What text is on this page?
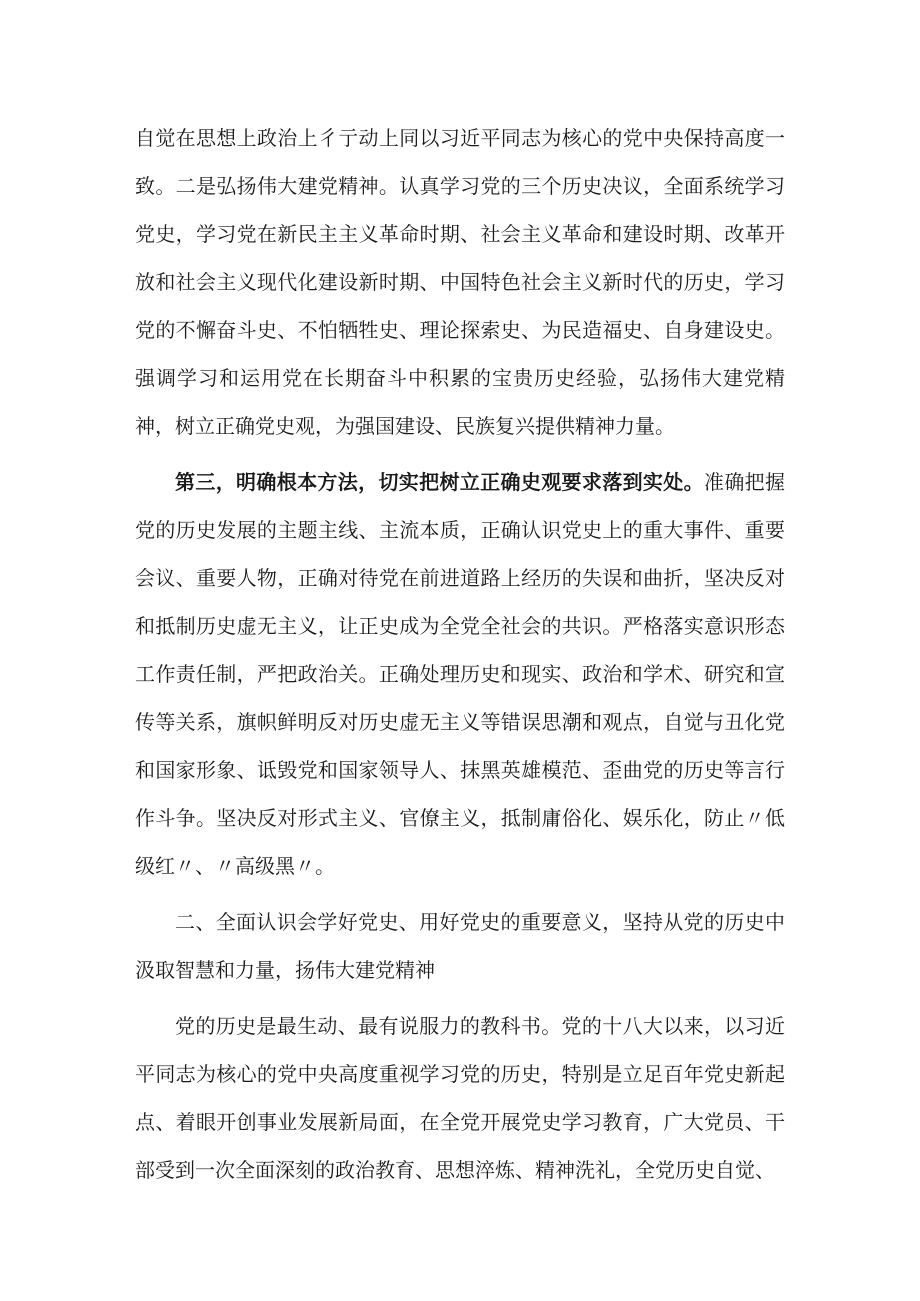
自觉在思想上政治上彳亍动上同以习近平同志为核心的党中央保持高度一致。二是弘扬伟大建党精神。认真学习党的三个历史决议，全面系统学习党史，学习党在新民主主义革命时期、社会主义革命和建设时期、改革开放和社会主义现代化建设新时期、中国特色社会主义新时代的历史，学习党的不懈奋斗史、不怕牺牲史、理论探索史、为民造福史、自身建设史。强调学习和运用党在长期奋斗中积累的宝贵历史经验，弘扬伟大建党精神，树立正确党史观，为强国建设、民族复兴提供精神力量。

第三，明确根本方法，切实把树立正确史观要求落到实处。准确把握党的历史发展的主题主线、主流本质，正确认识党史上的重大事件、重要会议、重要人物，正确对待党在前进道路上经历的失误和曲折，坚决反对和抵制历史虚无主义，让正史成为全党全社会的共识。严格落实意识形态工作责任制，严把政治关。正确处理历史和现实、政治和学术、研究和宣传等关系，旗帜鲜明反对历史虚无主义等错误思潮和观点，自觉与丑化党和国家形象、诋毁党和国家领导人、抹黑英雄模范、歪曲党的历史等言行作斗争。坚决反对形式主义、官僚主义，抵制庸俗化、娱乐化，防止〃低级红〃、〃高级黑〃。

二、全面认识会学好党史、用好党史的重要意义，坚持从党的历史中汲取智慧和力量，扬伟大建党精神

党的历史是最生动、最有说服力的教科书。党的十八大以来，以习近平同志为核心的党中央高度重视学习党的历史，特别是立足百年党史新起点、着眼开创事业发展新局面，在全党开展党史学习教育，广大党员、干部受到一次全面深刻的政治教育、思想淬炼、精神洗礼，全党历史自觉、
